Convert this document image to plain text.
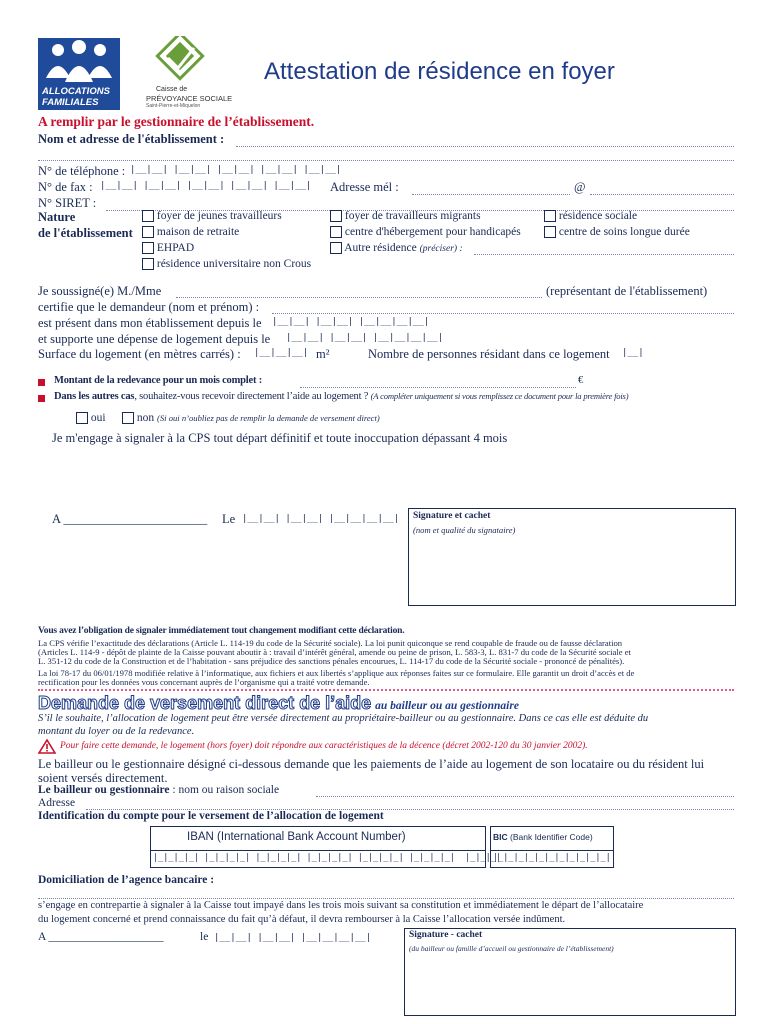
ALLOCATIONS
FAMILIALES
Caisse de
PRÉVOYANCE SOCIALE
Saint-Pierre-et-Miquelon
Attestation de résidence en foyer
A remplir par le gestionnaire de l’établissement.
Nom et adresse de l'établissement :
N° de téléphone : |__|__| |__|__| |__|__| |__|__| |__|__|
N° de fax : |__|__| |__|__| |__|__| |__|__| |__|__| Adresse mél :	@
N° SIRET :
Nature
de l'établissement
foyer de jeunes travailleurs
maison de retraite
EHPAD
résidence universitaire non Crous
foyer de travailleurs migrants
centre d'hébergement pour handicapés
Autre résidence (préciser) :
résidence sociale
centre de soins longue durée
Je soussigné(e) M./Mme	(représentant de l'établissement)
certifie que le demandeur (nom et prénom) :
est présent dans mon établissement depuis le |__|__| |__|__| |__|__|__|__|
et supporte une dépense de logement depuis le |__|__| |__|__| |__|__|__|__|
Surface du logement (en mètres carrés) : |__|__|__| m²	Nombre de personnes résidant dans ce logement |__|
Montant de la redevance pour un mois complet :	€
Dans les autres cas, souhaitez-vous recevoir directement l’aide au logement ? (A compléter uniquement si vous remplissez ce document pour la première fois)
oui	non (Si oui n’oubliez pas de remplir la demande de versement direct)
Je m'engage à signaler à la CPS tout départ définitif et toute inoccupation dépassant 4 mois
A _______________________ Le |__|__| |__|__| |__|__|__|__| Signature et cachet
(nom et qualité du signataire)
Vous avez l’obligation de signaler immédiatement tout changement modifiant cette déclaration.
La CPS vérifie l’exactitude des déclarations (Article L. 114-19 du code de la Sécurité sociale). La loi punit quiconque se rend coupable de fraude ou de fausse déclaration
(Articles L. 114-9 - dépôt de plainte de la Caisse pouvant aboutir à : travail d’intérêt général, amende ou peine de prison, L. 583-3, L. 831-7 du code de la Sécurité sociale et
L. 351-12 du code de la Construction et de l’habitation - sans préjudice des sanctions pénales encourues, L. 114-17 du code de la Sécurité sociale - prononcé de pénalités).
La loi 78-17 du 06/01/1978 modifiée relative à l’informatique, aux fichiers et aux libertés s’applique aux réponses faites sur ce formulaire. Elle garantit un droit d’accès et de
rectification pour les données vous concernant auprès de l’organisme qui a traité votre demande.
Demande de versement direct de l’aide au bailleur ou au gestionnaire
S’il le souhaite, l’allocation de logement peut être versée directement au propriétaire-bailleur ou au gestionnaire. Dans ce cas elle est déduite du
montant du loyer ou de la redevance.
Pour faire cette demande, le logement (hors foyer) doit répondre aux caractéristiques de la décence (décret 2002-120 du 30 janvier 2002).
Le bailleur ou le gestionnaire désigné ci-dessous demande que les paiements de l’aide au logement de son locataire ou du résident lui
soient versés directement.
Le bailleur ou gestionnaire : nom ou raison sociale
Adresse
Identification du compte pour le versement de l’allocation de logement
IBAN (International Bank Account Number)	BIC (Bank Identifier Code)
|_|_|_|_| |_|_|_|_| |_|_|_|_| |_|_|_|_| |_|_|_|_| |_|_|_|_|  |_|_|_|
|_|_|_|_|_|_|_|_|_|_|_|
Domiciliation de l’agence bancaire :
s’engage en contrepartie à signaler à la Caisse tout impayé dans les trois mois suivant sa constitution et immédiatement le départ de l’allocataire
du logement concerné et prend connaissance du fait qu’à défaut, il devra rembourser à la Caisse l’allocation versée indûment.
A ____________________	le |__|__| |__|__| |__|__|__|__|	Signature - cachet
(du bailleur ou famille d’accueil ou gestionnaire de l’établissement)
